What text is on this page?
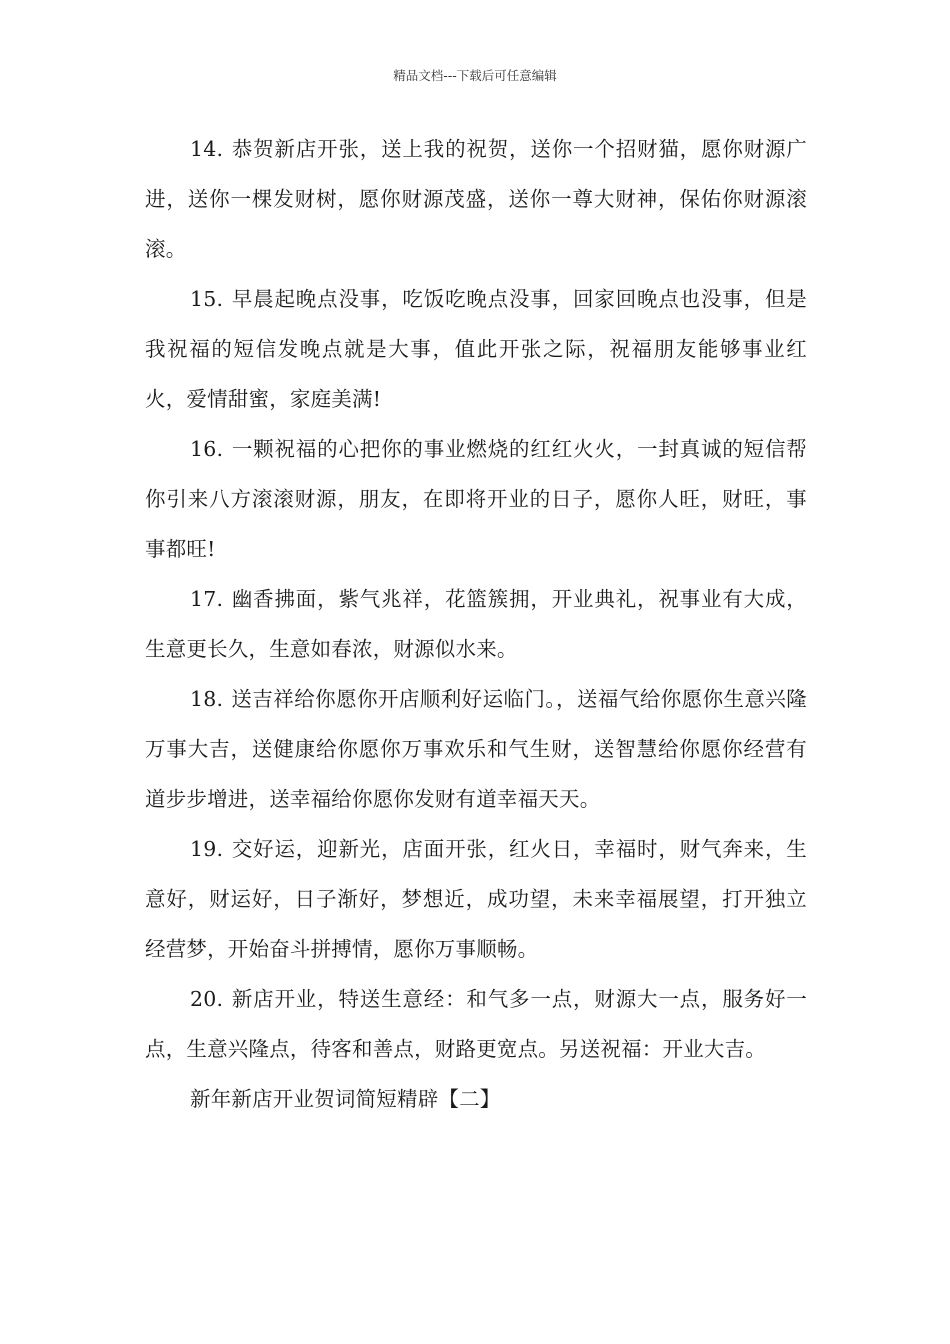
精品文档---下载后可任意编辑

14. 恭贺新店开张，送上我的祝贺，送你一个招财猫，愿你财源广进，送你一棵发财树，愿你财源茂盛，送你一尊大财神，保佑你财源滚滚。

15. 早晨起晚点没事，吃饭吃晚点没事，回家回晚点也没事，但是我祝福的短信发晚点就是大事，值此开张之际，祝福朋友能够事业红火，爱情甜蜜，家庭美满!

16. 一颗祝福的心把你的事业燃烧的红红火火，一封真诚的短信帮你引来八方滚滚财源，朋友，在即将开业的日子，愿你人旺，财旺，事事都旺!

17. 幽香拂面，紫气兆祥，花篮簇拥，开业典礼，祝事业有大成，生意更长久，生意如春浓，财源似水来。

18. 送吉祥给你愿你开店顺利好运临门。，送福气给你愿你生意兴隆万事大吉，送健康给你愿你万事欢乐和气生财，送智慧给你愿你经营有道步步增进，送幸福给你愿你发财有道幸福天天。

19. 交好运，迎新光，店面开张，红火日，幸福时，财气奔来，生意好，财运好，日子渐好，梦想近，成功望，未来幸福展望，打开独立经营梦，开始奋斗拼搏情，愿你万事顺畅。

20. 新店开业，特送生意经：和气多一点，财源大一点，服务好一点，生意兴隆点，待客和善点，财路更宽点。另送祝福：开业大吉。

新年新店开业贺词简短精辟【二】
